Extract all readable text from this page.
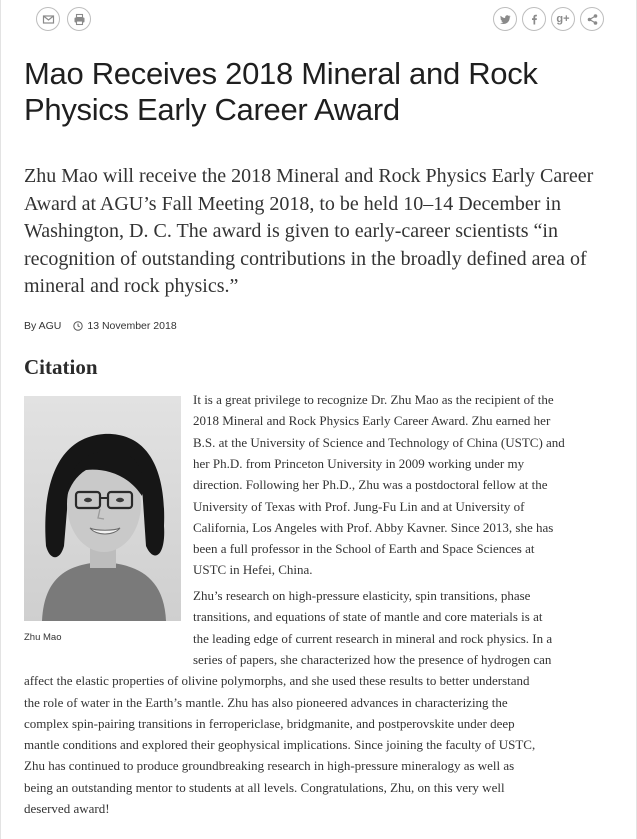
g+
Mao Receives 2018 Mineral and Rock
Physics Early Career Award

Zhu Mao will receive the 2018 Mineral and Rock Physics Early Career Award at AGU’s Fall Meeting 2018, to be held 10–14 December in Washington, D. C. The award is given to early-career scientists “in recognition of outstanding contributions in the broadly defined area of mineral and rock physics.”

By AGU 13 November 2018
Citation
Zhu Mao
It is a great privilege to recognize Dr. Zhu Mao as the recipient of the
2018 Mineral and Rock Physics Early Career Award. Zhu earned her
B.S. at the University of Science and Technology of China (USTC) and
her Ph.D. from Princeton University in 2009 working under my
direction. Following her Ph.D., Zhu was a postdoctoral fellow at the
University of Texas with Prof. Jung-Fu Lin and at University of
California, Los Angeles with Prof. Abby Kavner. Since 2013, she has
been a full professor in the School of Earth and Space Sciences at
USTC in Hefei, China.
Zhu’s research on high-pressure elasticity, spin transitions, phase
transitions, and equations of state of mantle and core materials is at
the leading edge of current research in mineral and rock physics. In a
series of papers, she characterized how the presence of hydrogen can
affect the elastic properties of olivine polymorphs, and she used these results to better understand
the role of water in the Earth’s mantle. Zhu has also pioneered advances in characterizing the
complex spin-pairing transitions in ferropericlase, bridgmanite, and postperovskite under deep
mantle conditions and explored their geophysical implications. Since joining the faculty of USTC,
Zhu has continued to produce groundbreaking research in high-pressure mineralogy as well as
being an outstanding mentor to students at all levels. Congratulations, Zhu, on this very well
deserved award!
